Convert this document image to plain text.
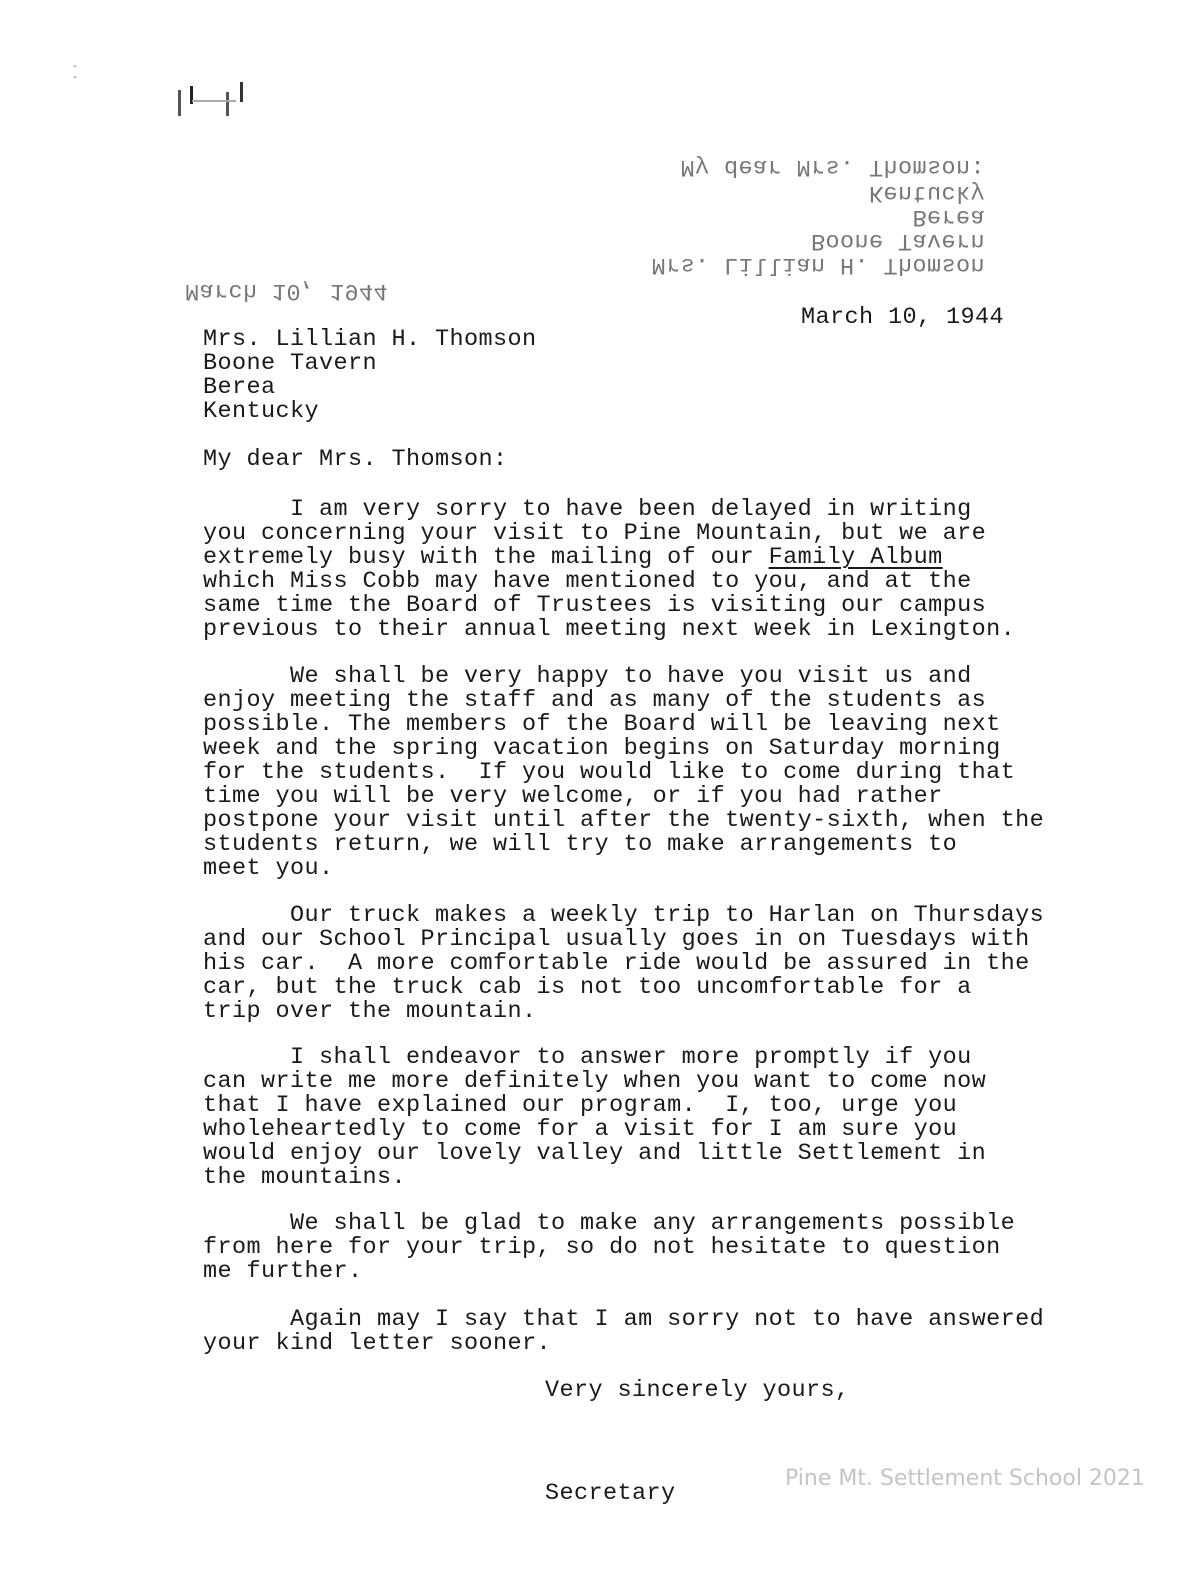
-
-
March 10, 1944
Mrs. Lillian H. Thomson
Boone Tavern
Berea
Kentucky
My dear Mrs. Thomson:
March 10, 1944
Mrs. Lillian H. Thomson
Boone Tavern
Berea
Kentucky
My dear Mrs. Thomson:
I am very sorry to have been delayed in writing
you concerning your visit to Pine Mountain, but we are
extremely busy with the mailing of our Family Album
which Miss Cobb may have mentioned to you, and at the
same time the Board of Trustees is visiting our campus
previous to their annual meeting next week in Lexington.
We shall be very happy to have you visit us and
enjoy meeting the staff and as many of the students as
possible. The members of the Board will be leaving next
week and the spring vacation begins on Saturday morning
for the students.  If you would like to come during that
time you will be very welcome, or if you had rather
postpone your visit until after the twenty-sixth, when the
students return, we will try to make arrangements to
meet you.
Our truck makes a weekly trip to Harlan on Thursdays
and our School Principal usually goes in on Tuesdays with
his car.  A more comfortable ride would be assured in the
car, but the truck cab is not too uncomfortable for a
trip over the mountain.
I shall endeavor to answer more promptly if you
can write me more definitely when you want to come now
that I have explained our program.  I, too, urge you
wholeheartedly to come for a visit for I am sure you
would enjoy our lovely valley and little Settlement in
the mountains.
We shall be glad to make any arrangements possible
from here for your trip, so do not hesitate to question
me further.
Again may I say that I am sorry not to have answered
your kind letter sooner.
Very sincerely yours,
Secretary
Pine Mt. Settlement School 2021
